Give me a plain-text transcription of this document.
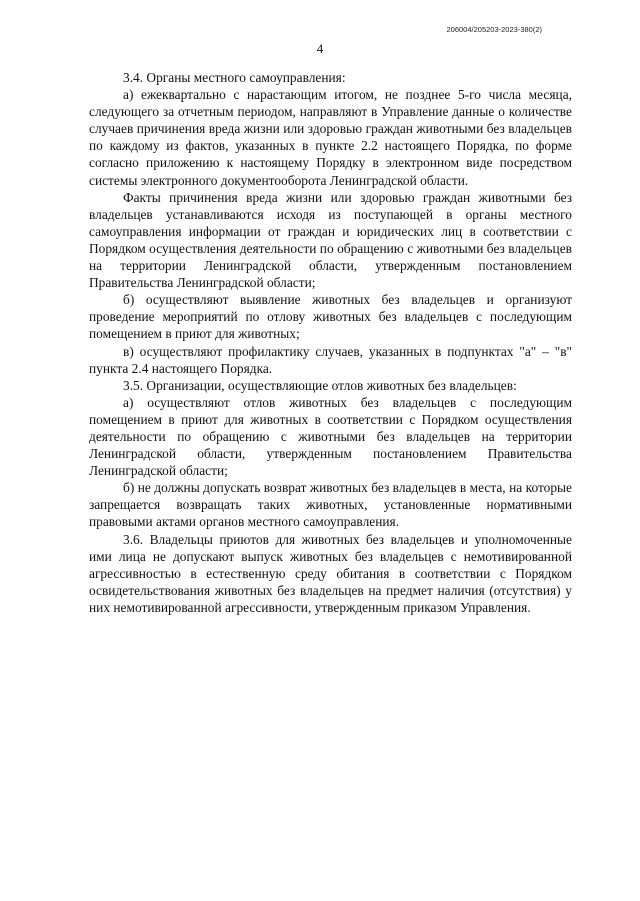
206004/205203-2023-380(2)
4

3.4. Органы местного самоуправления:

а) ежеквартально с нарастающим итогом, не позднее 5-го числа месяца, следующего за отчетным периодом, направляют в Управление данные о количестве случаев причинения вреда жизни или здоровью граждан животными без владельцев по каждому из фактов, указанных в пункте 2.2 настоящего Порядка, по форме согласно приложению к настоящему Порядку в электронном виде посредством системы электронного документооборота Ленинградской области.

Факты причинения вреда жизни или здоровью граждан животными без владельцев устанавливаются исходя из поступающей в органы местного самоуправления информации от граждан и юридических лиц в соответствии с Порядком осуществления деятельности по обращению с животными без владельцев на территории Ленинградской области, утвержденным постановлением Правительства Ленинградской области;

б) осуществляют выявление животных без владельцев и организуют проведение мероприятий по отлову животных без владельцев с последующим помещением в приют для животных;

в) осуществляют профилактику случаев, указанных в подпунктах "а" – "в" пункта 2.4 настоящего Порядка.

3.5. Организации, осуществляющие отлов животных без владельцев:

а) осуществляют отлов животных без владельцев с последующим помещением в приют для животных в соответствии с Порядком осуществления деятельности по обращению с животными без владельцев на территории Ленинградской области, утвержденным постановлением Правительства Ленинградской области;

б) не должны допускать возврат животных без владельцев в места, на которые запрещается возвращать таких животных, установленные нормативными правовыми актами органов местного самоуправления.

3.6. Владельцы приютов для животных без владельцев и уполномоченные ими лица не допускают выпуск животных без владельцев с немотивированной агрессивностью в естественную среду обитания в соответствии с Порядком освидетельствования животных без владельцев на предмет наличия (отсутствия) у них немотивированной агрессивности, утвержденным приказом Управления.
